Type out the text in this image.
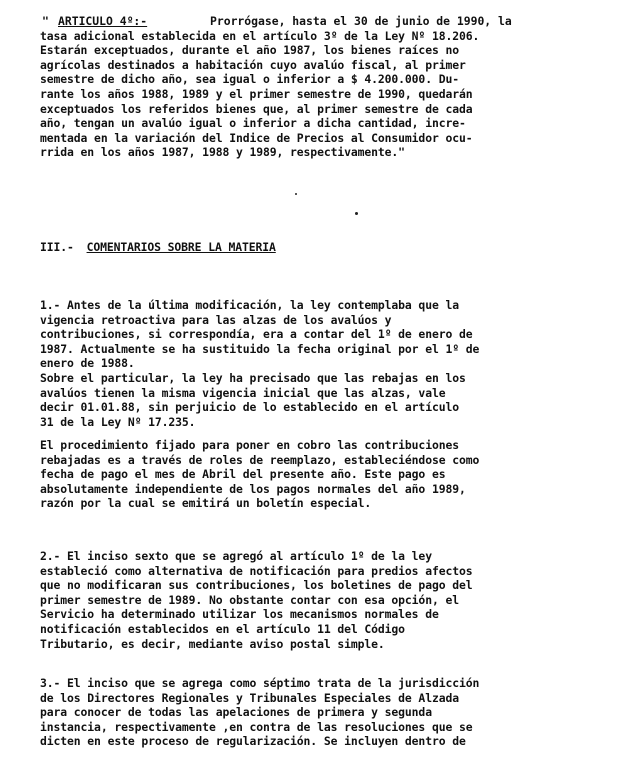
" ARTICULO 4º:-	Prorrógase, hasta el 30 de junio de 1990, la

tasa adicional establecida en el artículo 3º de la Ley Nº 18.206.
Estarán exceptuados, durante el año 1987, los bienes raíces no
agrícolas destinados a habitación cuyo avalúo fiscal, al primer
semestre de dicho año, sea igual o inferior a $ 4.200.000. Du-
rante los años 1988, 1989 y el primer semestre de 1990, quedarán
exceptuados los referidos bienes que, al primer semestre de cada
año, tengan un avalúo igual o inferior a dicha cantidad, incre-
mentada en la variación del Indice de Precios al Consumidor ocu-
rrida en los años 1987, 1988 y 1989, respectivamente."
III.- COMENTARIOS SOBRE LA MATERIA
1.- Antes de la última modificación, la ley contemplaba que la
vigencia retroactiva para las alzas de los avalúos y
contribuciones, si correspondía, era a contar del 1º de enero de
1987. Actualmente se ha sustituido la fecha original por el 1º de
enero de 1988.
Sobre el particular, la ley ha precisado que las rebajas en los
avalúos tienen la misma vigencia inicial que las alzas, vale
decir 01.01.88, sin perjuicio de lo establecido en el artículo
31 de la Ley Nº 17.235.
El procedimiento fijado para poner en cobro las contribuciones
rebajadas es a través de roles de reemplazo, estableciéndose como
fecha de pago el mes de Abril del presente año. Este pago es
absolutamente independiente de los pagos normales del año 1989,
razón por la cual se emitirá un boletín especial.
2.- El inciso sexto que se agregó al artículo 1º de la ley
estableció como alternativa de notificación para predios afectos
que no modificaran sus contribuciones, los boletines de pago del
primer semestre de 1989. No obstante contar con esa opción, el
Servicio ha determinado utilizar los mecanismos normales de
notificación establecidos en el artículo 11 del Código
Tributario, es decir, mediante aviso postal simple.
3.- El inciso que se agrega como séptimo trata de la jurisdicción
de los Directores Regionales y Tribunales Especiales de Alzada
para conocer de todas las apelaciones de primera y segunda
instancia, respectivamente ,en contra de las resoluciones que se
dicten en este proceso de regularización. Se incluyen dentro de
